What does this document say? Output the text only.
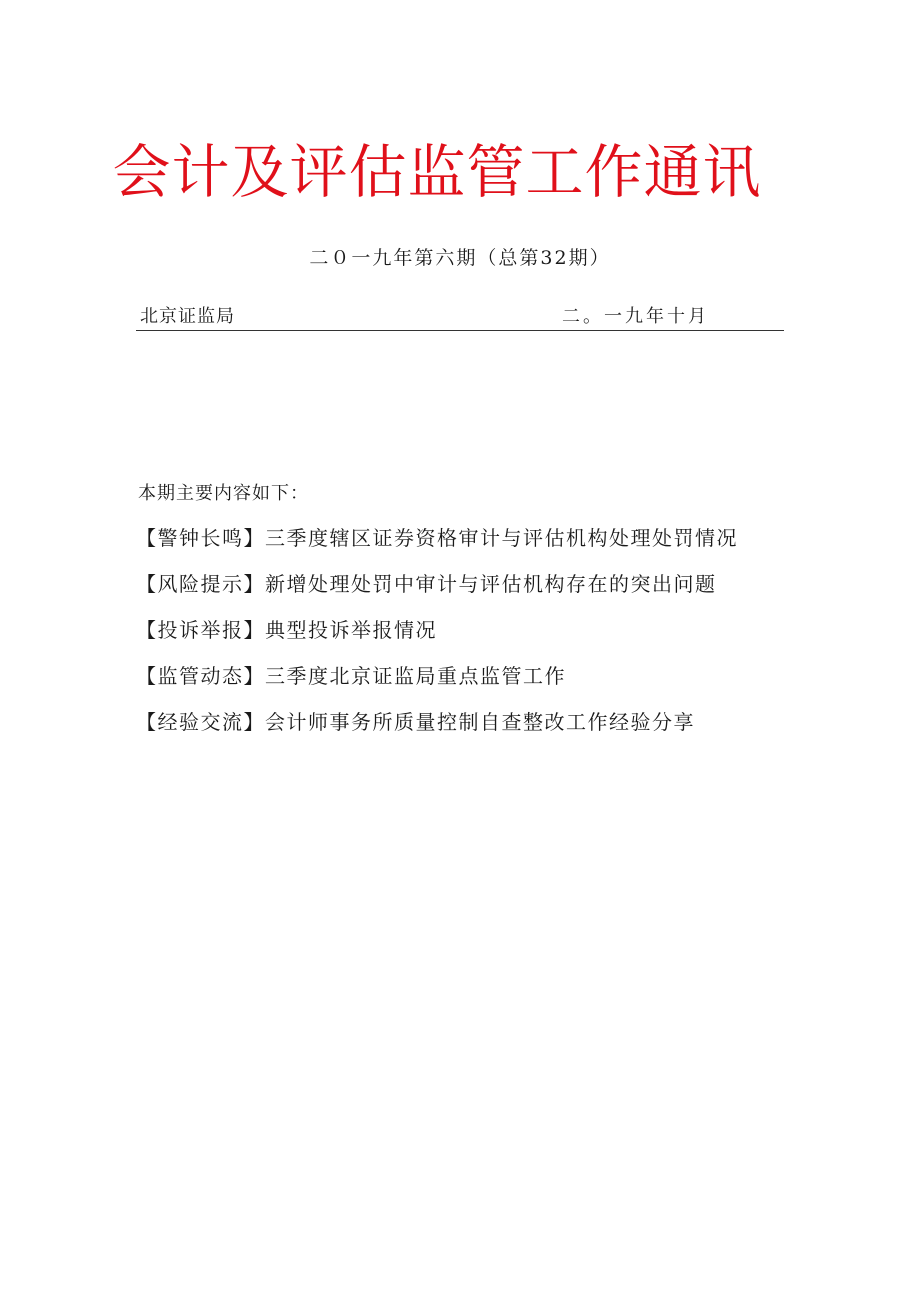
会计及评估监管工作通讯
二０一九年第六期（总第32期）
北京证监局	二。一九年十月
本期主要内容如下：
【警钟长鸣】三季度辖区证券资格审计与评估机构处理处罚情况
【风险提示】新增处理处罚中审计与评估机构存在的突出问题
【投诉举报】典型投诉举报情况
【监管动态】三季度北京证监局重点监管工作
【经验交流】会计师事务所质量控制自查整改工作经验分享
